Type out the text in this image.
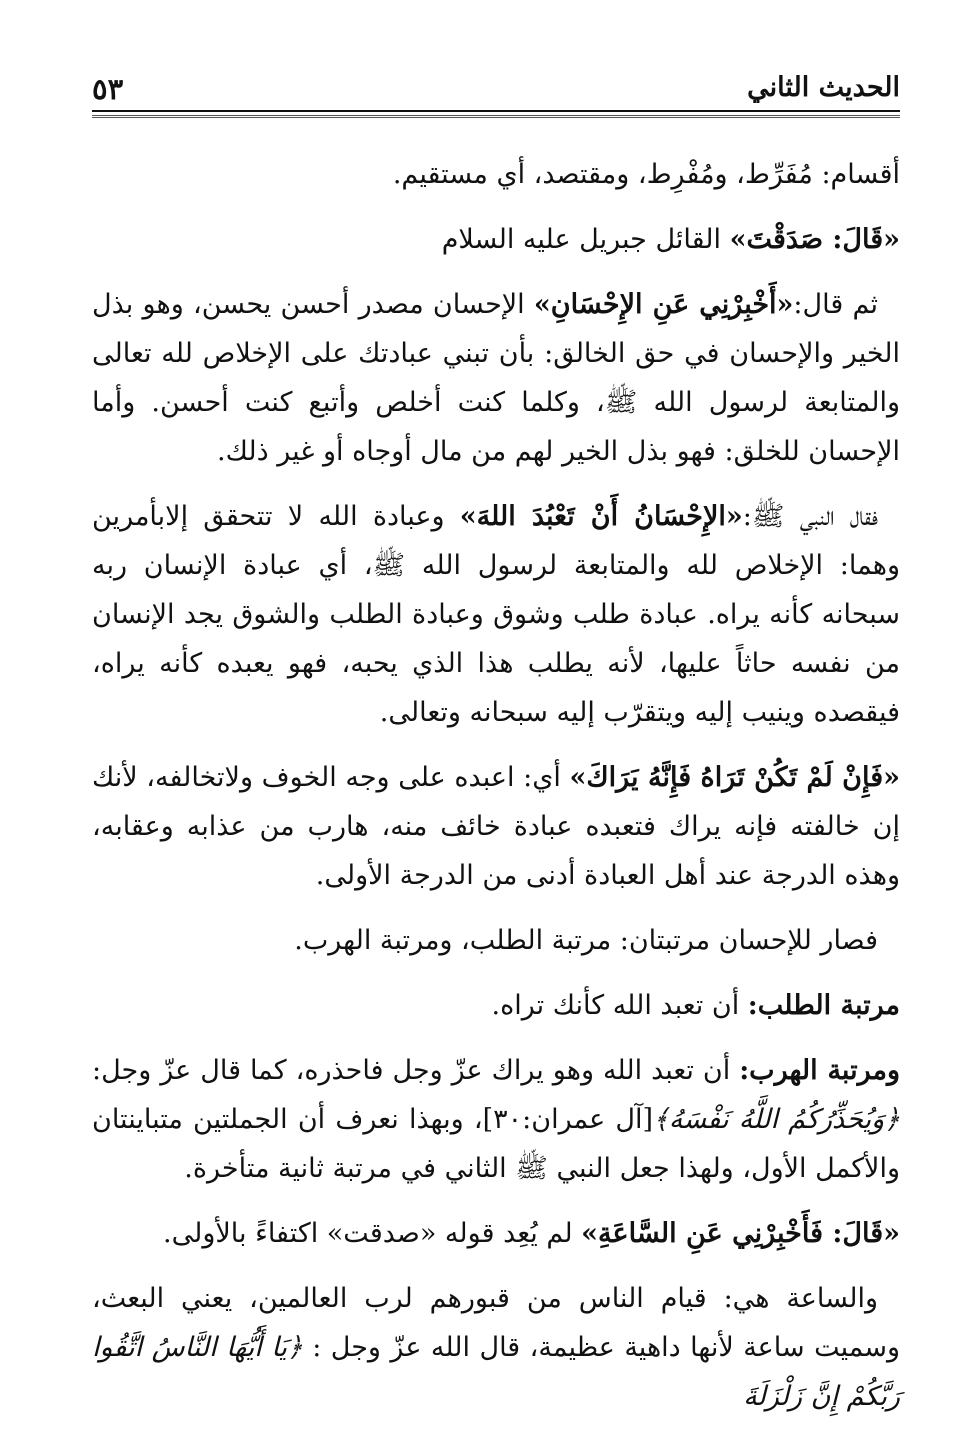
٥٣	الحديث الثاني

أقسام: مُفَرِّط، ومُفْرِط، ومقتصد، أي مستقيم.

«قَالَ: صَدَقْتَ» القائل جبريل عليه السلام

ثم قال:«أَخْبِرْنِي عَنِ الإِحْسَانِ» الإحسان مصدر أحسن يحسن، وهو بذل الخير والإحسان في حق الخالق: بأن تبني عبادتك على الإخلاص لله تعالى والمتابعة لرسول الله ﷺ، وكلما كنت أخلص وأتبع كنت أحسن. وأما الإحسان للخلق: فهو بذل الخير لهم من مال أوجاه أو غير ذلك.

فقال النبي ﷺ:«الإِحْسَانُ أَنْ تَعْبُدَ اللهَ» وعبادة الله لا تتحقق إلابأمرين وهما: الإخلاص لله والمتابعة لرسول الله ﷺ، أي عبادة الإنسان ربه سبحانه كأنه يراه. عبادة طلب وشوق وعبادة الطلب والشوق يجد الإنسان من نفسه حاثاً عليها، لأنه يطلب هذا الذي يحبه، فهو يعبده كأنه يراه، فيقصده وينيب إليه ويتقرّب إليه سبحانه وتعالى.

«فَإِنْ لَمْ تَكُنْ تَرَاهُ فَإِنَّهُ يَرَاكَ» أي: اعبده على وجه الخوف ولاتخالفه، لأنك إن خالفته فإنه يراك فتعبده عبادة خائف منه، هارب من عذابه وعقابه، وهذه الدرجة عند أهل العبادة أدنى من الدرجة الأولى.

فصار للإحسان مرتبتان: مرتبة الطلب، ومرتبة الهرب.

مرتبة الطلب: أن تعبد الله كأنك تراه.

ومرتبة الهرب: أن تعبد الله وهو يراك عزّ وجل فاحذره، كما قال عزّ وجل: ﴿وَيُحَذِّرُكُمُ اللَّهُ نَفْسَهُ﴾[آل عمران:٣٠]، وبهذا نعرف أن الجملتين متباينتان والأكمل الأول، ولهذا جعل النبي ﷺ الثاني في مرتبة ثانية متأخرة.

«قَالَ: فَأَخْبِرْنِي عَنِ السَّاعَةِ» لم يُعِد قوله «صدقت» اكتفاءً بالأولى.

والساعة هي: قيام الناس من قبورهم لرب العالمين، يعني البعث، وسميت ساعة لأنها داهية عظيمة، قال الله عزّ وجل : ﴿يَا أَيُّهَا النَّاسُ اتَّقُوا رَبَّكُمْ إِنَّ زَلْزَلَةَ
